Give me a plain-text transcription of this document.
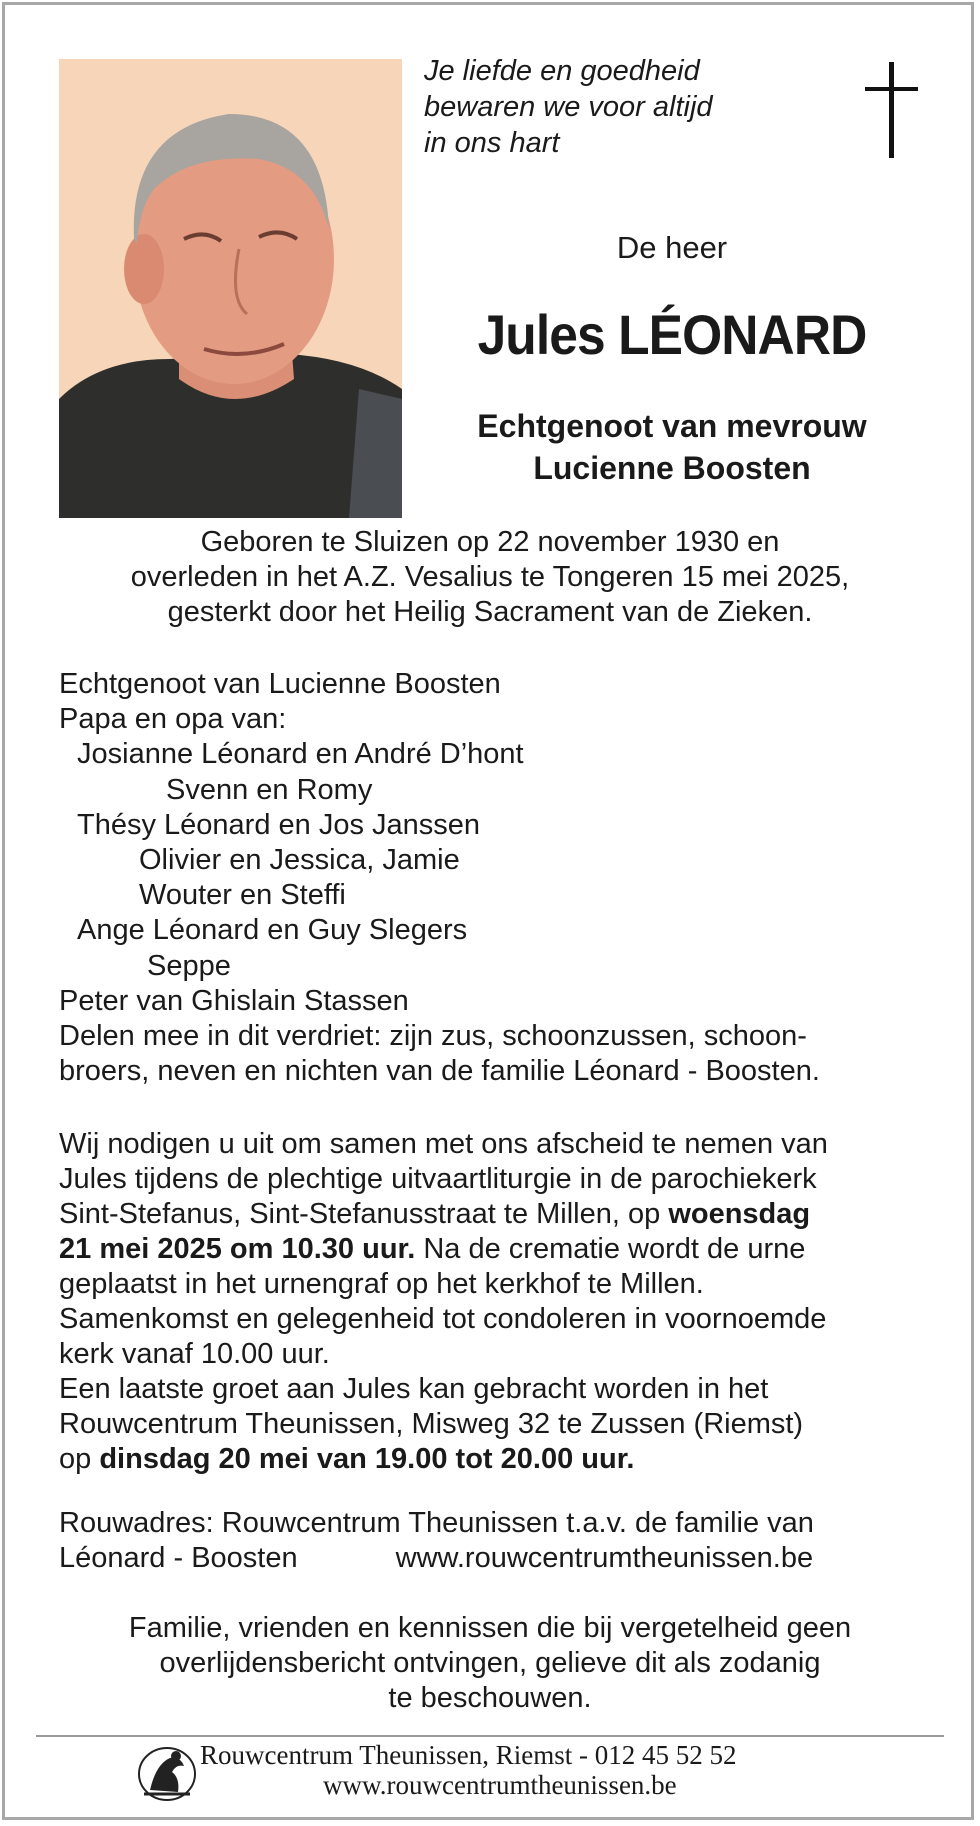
Je liefde en goedheid
bewaren we voor altijd
in ons hart
De heer
Jules LÉONARD
Echtgenoot van mevrouw
Lucienne Boosten
Geboren te Sluizen op 22 november 1930 en
overleden in het A.Z. Vesalius te Tongeren 15 mei 2025,
gesterkt door het Heilig Sacrament van de Zieken.
Echtgenoot van Lucienne Boosten
Papa en opa van:
Josianne Léonard en André D’hont
Svenn en Romy
Thésy Léonard en Jos Janssen
Olivier en Jessica, Jamie
Wouter en Steffi
Ange Léonard en Guy Slegers
Seppe
Peter van Ghislain Stassen
Delen mee in dit verdriet: zijn zus, schoonzussen, schoon-
broers, neven en nichten van de familie Léonard - Boosten.
Wij nodigen u uit om samen met ons afscheid te nemen van
Jules tijdens de plechtige uitvaartliturgie in de parochiekerk
Sint-Stefanus, Sint-Stefanusstraat te Millen, op woensdag
21 mei 2025 om 10.30 uur. Na de crematie wordt de urne
geplaatst in het urnengraf op het kerkhof te Millen.
Samenkomst en gelegenheid tot condoleren in voornoemde
kerk vanaf 10.00 uur.
Een laatste groet aan Jules kan gebracht worden in het
Rouwcentrum Theunissen, Misweg 32 te Zussen (Riemst)
op dinsdag 20 mei van 19.00 tot 20.00 uur.
Rouwadres: Rouwcentrum Theunissen t.a.v. de familie van
Léonard - Boosten	www.rouwcentrumtheunissen.be
Familie, vrienden en kennissen die bij vergetelheid geen
overlijdensbericht ontvingen, gelieve dit als zodanig
te beschouwen.
Rouwcentrum Theunissen, Riemst - 012 45 52 52
www.rouwcentrumtheunissen.be
